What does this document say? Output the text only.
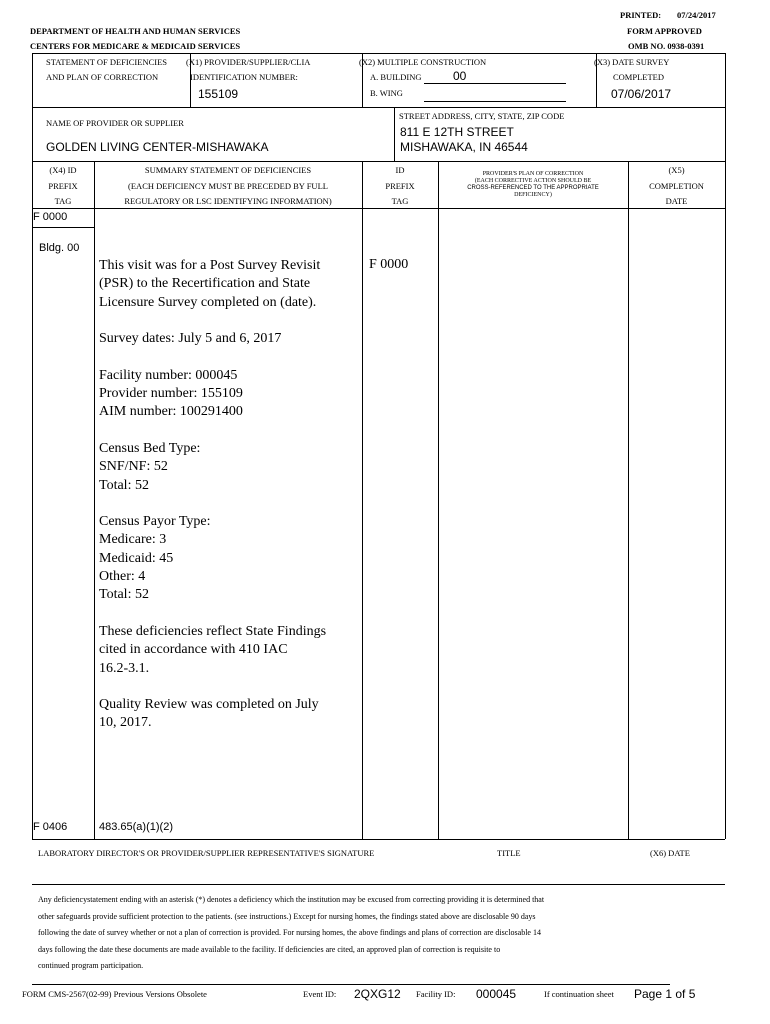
PRINTED: 07/24/2017
DEPARTMENT OF HEALTH AND HUMAN SERVICES
CENTERS FOR MEDICARE & MEDICAID SERVICES
FORM APPROVED
OMB NO. 0938-0391
STATEMENT OF DEFICIENCIES
AND PLAN OF CORRECTION
(X1) PROVIDER/SUPPLIER/CLIA
IDENTIFICATION NUMBER:
155109
(X2) MULTIPLE CONSTRUCTION
A. BUILDING	00
B. WING
(X3) DATE SURVEY
COMPLETED
07/06/2017
NAME OF PROVIDER OR SUPPLIER
GOLDEN LIVING CENTER-MISHAWAKA
STREET ADDRESS, CITY, STATE, ZIP CODE
811 E 12TH STREET
MISHAWAKA, IN 46544
(X4) ID
PREFIX
TAG
SUMMARY STATEMENT OF DEFICIENCIES
(EACH DEFICIENCY MUST BE PRECEDED BY FULL
REGULATORY OR LSC IDENTIFYING INFORMATION)
ID
PREFIX
TAG
PROVIDER'S PLAN OF CORRECTION
(EACH CORRECTIVE ACTION SHOULD BE
CROSS-REFERENCED TO THE APPROPRIATE
DEFICIENCY)
(X5)
COMPLETION
DATE
F 0000
Bldg. 00

This visit was for a Post Survey Revisit
(PSR) to the Recertification and State
Licensure Survey completed on (date).

Survey dates: July 5 and 6, 2017

Facility number: 000045
Provider number: 155109
AIM number: 100291400

Census Bed Type:
SNF/NF: 52
Total: 52

Census Payor Type:
Medicare: 3
Medicaid: 45
Other: 4
Total: 52

These deficiencies reflect State Findings
cited in accordance with 410 IAC
16.2-3.1.

Quality Review was completed on July
10, 2017.

F 0000
F 0406	483.65(a)(1)(2)
LABORATORY DIRECTOR'S OR PROVIDER/SUPPLIER REPRESENTATIVE'S SIGNATURE	TITLE	(X6) DATE
Any deficiencystatement ending with an asterisk (*) denotes a deficiency which the institution may be excused from correcting providing it is determined that
other safeguards provide sufficient protection to the patients. (see instructions.) Except for nursing homes, the findings stated above are disclosable 90 days
following the date of survey whether or not a plan of correction is provided. For nursing homes, the above findings and plans of correction are disclosable 14
days following the date these documents are made available to the facility. If deficiencies are cited, an approved plan of correction is requisite to
continued program participation.
FORM CMS-2567(02-99) Previous Versions Obsolete	Event ID: 2QXG12 Facility ID: 000045	If continuation sheet Page 1 of 5
